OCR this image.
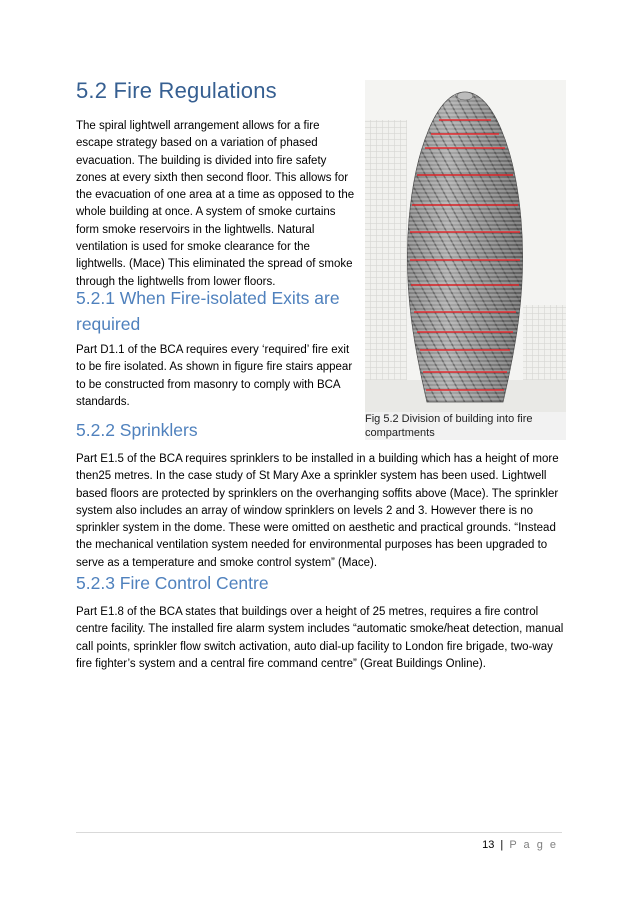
5.2 Fire Regulations

The spiral lightwell arrangement allows for a fire escape strategy based on a variation of phased evacuation. The building is divided into fire safety zones at every sixth then second floor. This allows for the evacuation of one area at a time as opposed to the whole building at once. A system of smoke curtains form smoke reservoirs in the lightwells. Natural ventilation is used for smoke clearance for the lightwells. (Mace) This eliminated the spread of smoke through the lightwells from lower floors.

5.2.1 When Fire-isolated Exits are
required

Part D1.1 of the BCA requires every ‘required’ fire exit to be fire isolated. As shown in figure fire stairs appear to be constructed from masonry to comply with BCA standards.

5.2.2 Sprinklers

Part E1.5 of the BCA requires sprinklers to be installed in a building which has a height of more then25 metres. In the case study of St Mary Axe a sprinkler system has been used. Lightwell based floors are protected by sprinklers on the overhanging soffits above (Mace). The sprinkler system also includes an array of window sprinklers on levels 2 and 3. However there is no sprinkler system in the dome. These were omitted on aesthetic and practical grounds. “Instead the mechanical ventilation system needed for environmental purposes has been upgraded to serve as a temperature and smoke control system” (Mace).

5.2.3 Fire Control Centre

Part E1.8 of the BCA states that buildings over a height of 25 metres, requires a fire control centre facility. The installed fire alarm system includes “automatic smoke/heat detection, manual call points, sprinkler flow switch activation, auto dial-up facility to London fire brigade, two-way fire fighter’s system and a central fire command centre” (Great Buildings Online).

Fig 5.2 Division of building into fire compartments
13 | P a g e
